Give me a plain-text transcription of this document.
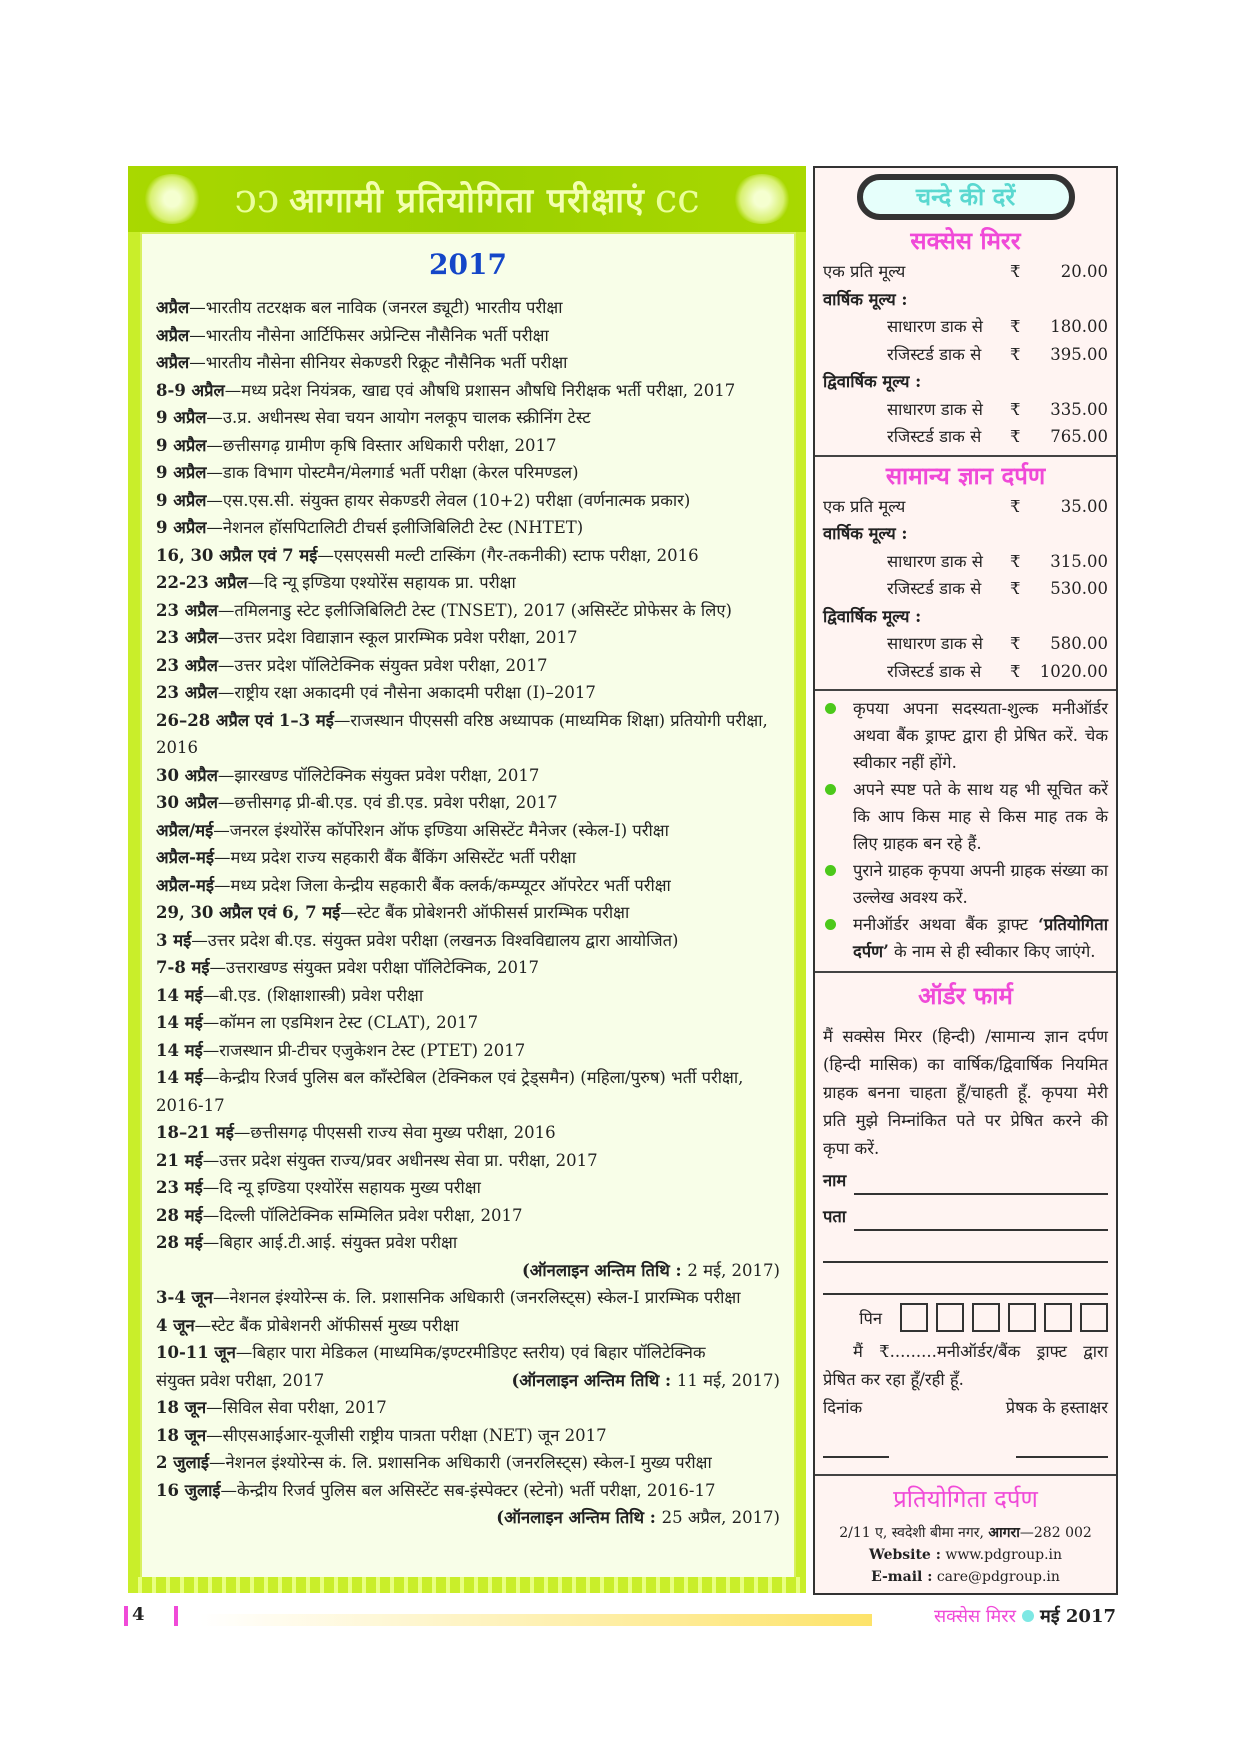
ↄↄ आगामी प्रतियोगिता परीक्षाएं cc
2017
अप्रैल—भारतीय तटरक्षक बल नाविक (जनरल ड्यूटी) भारतीय परीक्षा
अप्रैल—भारतीय नौसेना आर्टिफिसर अप्रेन्टिस नौसैनिक भर्ती परीक्षा
अप्रैल—भारतीय नौसेना सीनियर सेकण्डरी रिक्रूट नौसैनिक भर्ती परीक्षा
8-9 अप्रैल—मध्य प्रदेश नियंत्रक, खाद्य एवं औषधि प्रशासन औषधि निरीक्षक भर्ती परीक्षा, 2017
9 अप्रैल—उ.प्र. अधीनस्थ सेवा चयन आयोग नलकूप चालक स्क्रीनिंग टेस्ट
9 अप्रैल—छत्तीसगढ़ ग्रामीण कृषि विस्तार अधिकारी परीक्षा, 2017
9 अप्रैल—डाक विभाग पोस्टमैन/मेलगार्ड भर्ती परीक्षा (केरल परिमण्डल)
9 अप्रैल—एस.एस.सी. संयुक्त हायर सेकण्डरी लेवल (10+2) परीक्षा (वर्णनात्मक प्रकार)
9 अप्रैल—नेशनल हॉसपिटालिटी टीचर्स इलीजिबिलिटी टेस्ट (NHTET)
16, 30 अप्रैल एवं 7 मई—एसएससी मल्टी टास्किंग (गैर-तकनीकी) स्टाफ परीक्षा, 2016
22-23 अप्रैल—दि न्यू इण्डिया एश्योरेंस सहायक प्रा. परीक्षा
23 अप्रैल—तमिलनाडु स्टेट इलीजिबिलिटी टेस्ट (TNSET), 2017 (असिस्टेंट प्रोफेसर के लिए)
23 अप्रैल—उत्तर प्रदेश विद्याज्ञान स्कूल प्रारम्भिक प्रवेश परीक्षा, 2017
23 अप्रैल—उत्तर प्रदेश पॉलिटेक्निक संयुक्त प्रवेश परीक्षा, 2017
23 अप्रैल—राष्ट्रीय रक्षा अकादमी एवं नौसेना अकादमी परीक्षा (I)–2017
26–28 अप्रैल एवं 1–3 मई—राजस्थान पीएससी वरिष्ठ अध्यापक (माध्यमिक शिक्षा) प्रतियोगी परीक्षा, 2016
30 अप्रैल—झारखण्ड पॉलिटेक्निक संयुक्त प्रवेश परीक्षा, 2017
30 अप्रैल—छत्तीसगढ़ प्री-बी.एड. एवं डी.एड. प्रवेश परीक्षा, 2017
अप्रैल/मई—जनरल इंश्योरेंस कॉर्पोरेशन ऑफ इण्डिया असिस्टेंट मैनेजर (स्केल-I) परीक्षा
अप्रैल-मई—मध्य प्रदेश राज्य सहकारी बैंक बैंकिंग असिस्टेंट भर्ती परीक्षा
अप्रैल-मई—मध्य प्रदेश जिला केन्द्रीय सहकारी बैंक क्लर्क/कम्प्यूटर ऑपरेटर भर्ती परीक्षा
29, 30 अप्रैल एवं 6, 7 मई—स्टेट बैंक प्रोबेशनरी ऑफीसर्स प्रारम्भिक परीक्षा
3 मई—उत्तर प्रदेश बी.एड. संयुक्त प्रवेश परीक्षा (लखनऊ विश्वविद्यालय द्वारा आयोजित)
7-8 मई—उत्तराखण्ड संयुक्त प्रवेश परीक्षा पॉलिटेक्निक, 2017
14 मई—बी.एड. (शिक्षाशास्त्री) प्रवेश परीक्षा
14 मई—कॉमन ला एडमिशन टेस्ट (CLAT), 2017
14 मई—राजस्थान प्री-टीचर एजुकेशन टेस्ट (PTET) 2017
14 मई—केन्द्रीय रिजर्व पुलिस बल कॉंस्टेबिल (टेक्निकल एवं ट्रेड्समैन) (महिला/पुरुष) भर्ती परीक्षा, 2016-17
18–21 मई—छत्तीसगढ़ पीएससी राज्य सेवा मुख्य परीक्षा, 2016
21 मई—उत्तर प्रदेश संयुक्त राज्य/प्रवर अधीनस्थ सेवा प्रा. परीक्षा, 2017
23 मई—दि न्यू इण्डिया एश्योरेंस सहायक मुख्य परीक्षा
28 मई—दिल्ली पॉलिटेक्निक सम्मिलित प्रवेश परीक्षा, 2017
28 मई—बिहार आई.टी.आई. संयुक्त प्रवेश परीक्षा
(ऑनलाइन अन्तिम तिथि : 2 मई, 2017)
3-4 जून—नेशनल इंश्योरेन्स कं. लि. प्रशासनिक अधिकारी (जनरलिस्ट्स) स्केल-I प्रारम्भिक परीक्षा
4 जून—स्टेट बैंक प्रोबेशनरी ऑफीसर्स मुख्य परीक्षा
10-11 जून—बिहार पारा मेडिकल (माध्यमिक/इण्टरमीडिएट स्तरीय) एवं बिहार पॉलिटेक्निक
संयुक्त प्रवेश परीक्षा, 2017	(ऑनलाइन अन्तिम तिथि : 11 मई, 2017)
18 जून—सिविल सेवा परीक्षा, 2017
18 जून—सीएसआईआर-यूजीसी राष्ट्रीय पात्रता परीक्षा (NET) जून 2017
2 जुलाई—नेशनल इंश्योरेन्स कं. लि. प्रशासनिक अधिकारी (जनरलिस्ट्स) स्केल-I मुख्य परीक्षा
16 जुलाई—केन्द्रीय रिजर्व पुलिस बल असिस्टेंट सब-इंस्पेक्टर (स्टेनो) भर्ती परीक्षा, 2016-17
(ऑनलाइन अन्तिम तिथि : 25 अप्रैल, 2017)
चन्दे की दरें
सक्सेस मिरर
एक प्रति मूल्य	₹	20.00
वार्षिक मूल्य :
साधारण डाक से	₹	180.00
रजिस्टर्ड डाक से	₹	395.00
द्विवार्षिक मूल्य :
साधारण डाक से	₹	335.00
रजिस्टर्ड डाक से	₹	765.00
सामान्य ज्ञान दर्पण
एक प्रति मूल्य	₹	35.00
वार्षिक मूल्य :
साधारण डाक से	₹	315.00
रजिस्टर्ड डाक से	₹	530.00
द्विवार्षिक मूल्य :
साधारण डाक से	₹	580.00
रजिस्टर्ड डाक से	₹	1020.00
कृपया अपना सदस्यता-शुल्क मनीऑर्डर अथवा बैंक ड्राफ्ट द्वारा ही प्रेषित करें. चेक स्वीकार नहीं होंगे.
अपने स्पष्ट पते के साथ यह भी सूचित करें कि आप किस माह से किस माह तक के लिए ग्राहक बन रहे हैं.
पुराने ग्राहक कृपया अपनी ग्राहक संख्या का उल्लेख अवश्य करें.
मनीऑर्डर अथवा बैंक ड्राफ्ट ‘प्रतियोगिता दर्पण’ के नाम से ही स्वीकार किए जाएंगे.
ऑर्डर फार्म

मैं सक्सेस मिरर (हिन्दी) /सामान्य ज्ञान दर्पण (हिन्दी मासिक) का वार्षिक/द्विवार्षिक नियमित ग्राहक बनना चाहता हूँ/चाहती हूँ. कृपया मेरी प्रति मुझे निम्नांकित पते पर प्रेषित करने की कृपा करें.

नाम
पता
पिन

मैं ₹.........मनीऑर्डर/बैंक ड्राफ्ट द्वारा प्रेषित कर रहा हूँ/रही हूँ.

दिनांक	प्रेषक के हस्ताक्षर
प्रतियोगिता दर्पण
2/11 ए, स्वदेशी बीमा नगर, आगरा—282 002
Website : www.pdgroup.in
E-mail : care@pdgroup.in
4	सक्सेस मिरर मई 2017
